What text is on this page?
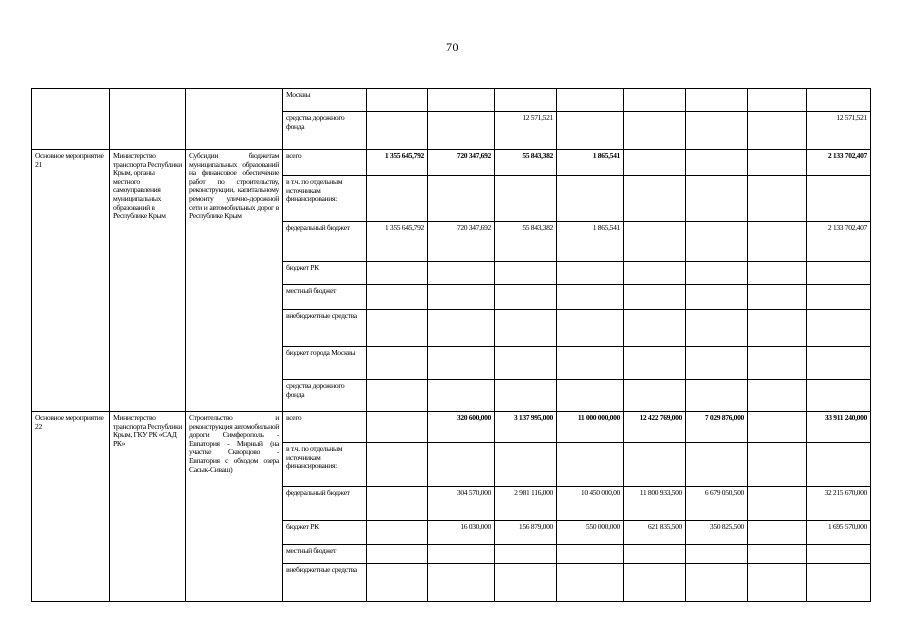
70
			Москвы								
			средства дорожного фонда			12 571,521					12 571,521
Основное мероприятие 21	Министерство транспорта Республики Крым, органы местного самоуправления муниципальных образований в Республике Крым	Субсидии бюджетам муниципальных образований на финансовое обеспечение работ по строительству, реконструкции, капитальному ремонту улично-дорожной сети и автомобильных дорог в Республике Крым	всего	1 355 645,792	720 347,692	55 843,382	1 865,541				2 133 702,407
			в т.ч. по отдельным источникам финансирования:								
			федеральный бюджет	1 355 645,792	720 347,692	55 843,382	1 865,541				2 133 702,407
			бюджет РК								
			местный бюджет								
			внебюджетные средства								
			бюджет города Москвы								
			средства дорожного фонда								
Основное мероприятие 22	Министерство транспорта Республики Крым, ГКУ РК «САД РК»	Строительство и реконструкция автомобильной дороги Симферополь - Евпатория - Мирный (на участке Скворцово - Евпатория с обходом озера Сасык-Сиваш)	всего		320 600,000	3 137 995,000	11 000 000,000	12 422 769,000	7 029 876,000		33 911 240,000
			в т.ч. по отдельным источникам финансирования:								
			федеральный бюджет		304 570,000	2 981 116,000	10 450 000,00	11 800 933,500	6 679 050,500		32 215 670,000
			бюджет РК		16 030,000	156 879,000	550 000,000	621 835,500	350 825,500		1 695 570,000
			местный бюджет								
			внебюджетные средства								
